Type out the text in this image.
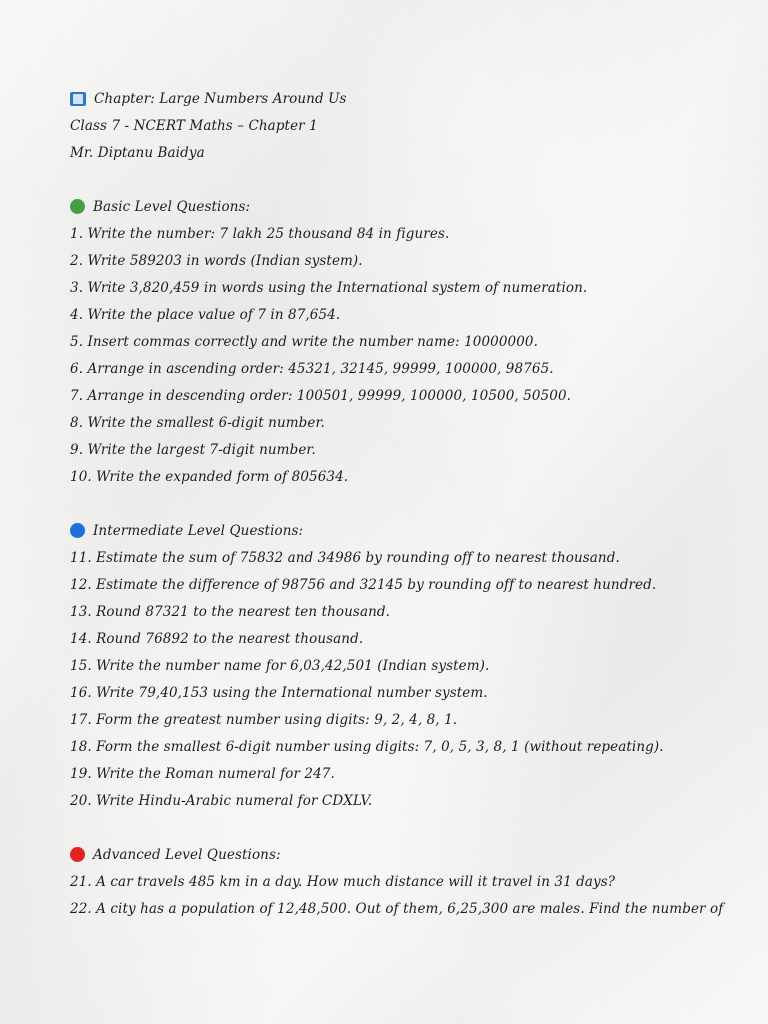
Chapter: Large Numbers Around Us
Class 7 - NCERT Maths – Chapter 1
Mr. Diptanu Baidya
Basic Level Questions:
1. Write the number: 7 lakh 25 thousand 84 in figures.
2. Write 589203 in words (Indian system).
3. Write 3,820,459 in words using the International system of numeration.
4. Write the place value of 7 in 87,654.
5. Insert commas correctly and write the number name: 10000000.
6. Arrange in ascending order: 45321, 32145, 99999, 100000, 98765.
7. Arrange in descending order: 100501, 99999, 100000, 10500, 50500.
8. Write the smallest 6-digit number.
9. Write the largest 7-digit number.
10. Write the expanded form of 805634.
Intermediate Level Questions:
11. Estimate the sum of 75832 and 34986 by rounding off to nearest thousand.
12. Estimate the difference of 98756 and 32145 by rounding off to nearest hundred.
13. Round 87321 to the nearest ten thousand.
14. Round 76892 to the nearest thousand.
15. Write the number name for 6,03,42,501 (Indian system).
16. Write 79,40,153 using the International number system.
17. Form the greatest number using digits: 9, 2, 4, 8, 1.
18. Form the smallest 6-digit number using digits: 7, 0, 5, 3, 8, 1 (without repeating).
19. Write the Roman numeral for 247.
20. Write Hindu-Arabic numeral for CDXLV.
Advanced Level Questions:
21. A car travels 485 km in a day. How much distance will it travel in 31 days?
22. A city has a population of 12,48,500. Out of them, 6,25,300 are males. Find the number of
